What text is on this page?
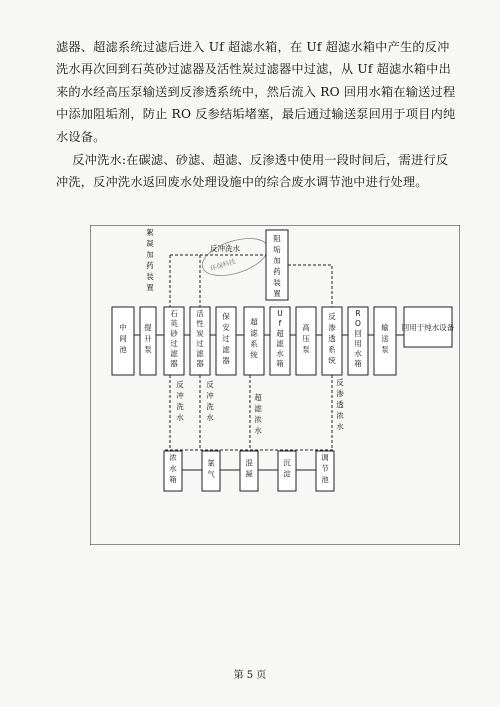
滤器、超滤系统过滤后进入 Uf 超滤水箱，在 Uf 超滤水箱中产生的反冲洗水再次回到石英砂过滤器及活性炭过滤器中过滤，从 Uf 超滤水箱中出来的水经高压泵输送到反渗透系统中，然后流入 RO 回用水箱在输送过程中添加阻垢剂，防止 RO 反参结垢堵塞，最后通过输送泵回用于项目内纯水设备。
反冲洗水:在碳滤、砂滤、超滤、反渗透中使用一段时间后，需进行反冲洗，反冲洗水返回废水处理设施中的综合废水调节池中进行处理。
环保科技
阻
垢
加
药
装
置
中
间
池
提
升
泵
石
英
砂
过
滤
器
活
性
炭
过
滤
器
保
安
过
滤
器
超
滤
系
统
U
f
超
滤
水
箱
高
压
泵
反
渗
透
系
统
R
O
回
用
水
箱
输
送
泵
回用于纯水设备
浓
水
箱
氯
气
混
凝
沉
淀
调
节
池
絮
凝
加
药
装
置
反冲洗水
反
冲
洗
水
反
冲
洗
水
超
滤
浓
水
反
渗
透
浓
水
第 5 页
